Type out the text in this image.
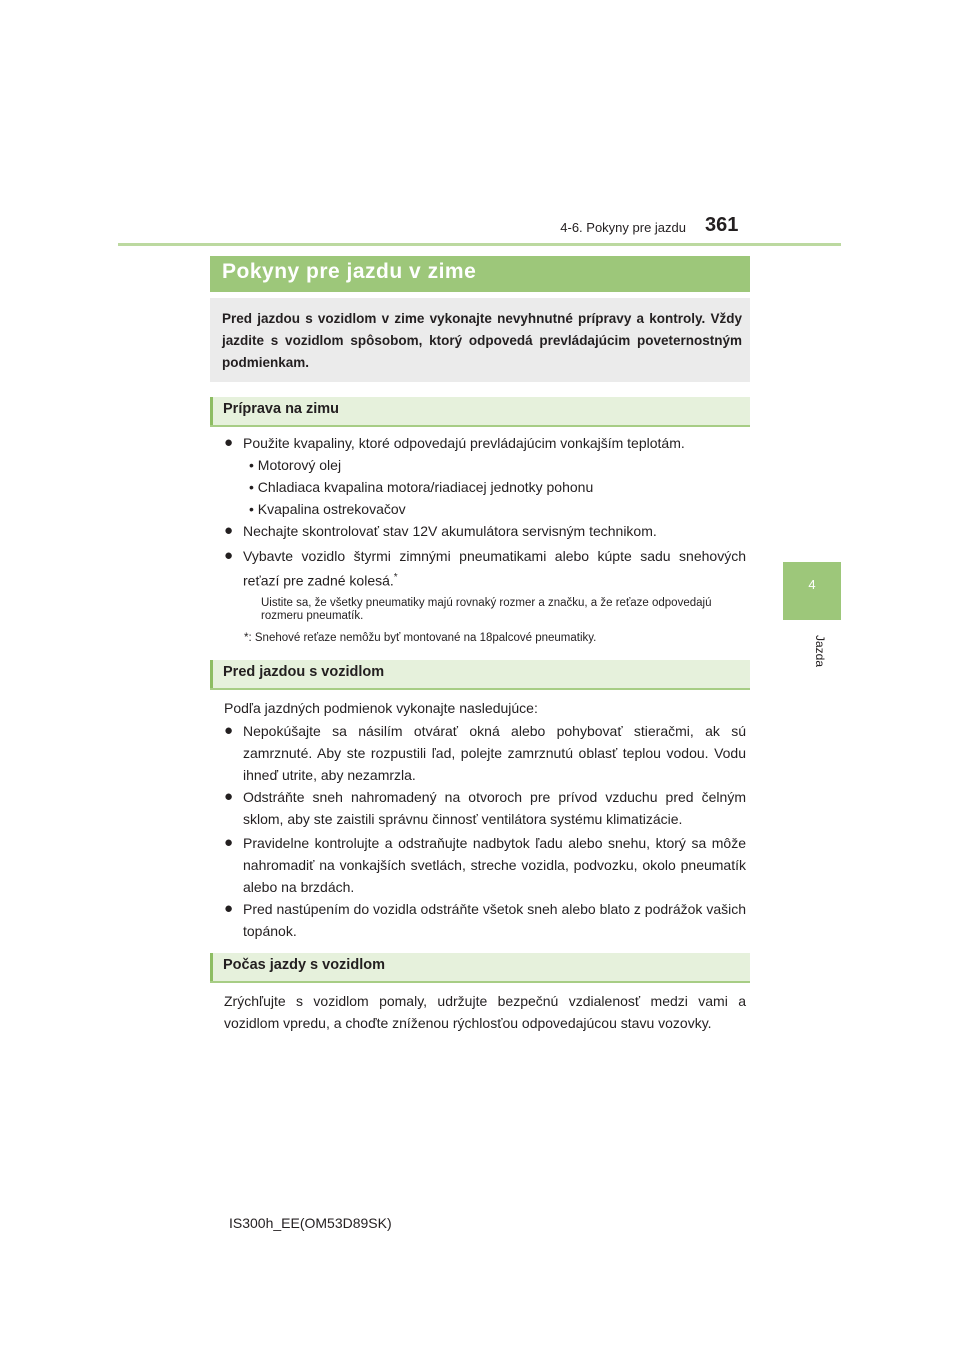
4-6. Pokyny pre jazdu 361
4
Jazda
Pokyny pre jazdu v zime

Pred jazdou s vozidlom v zime vykonajte nevyhnutné prípravy a kontroly. Vždy jazdite s vozidlom spôsobom, ktorý odpovedá prevládajúcim poveternostným podmienkam.

Príprava na zimu
● Použite kvapaliny, ktoré odpovedajú prevládajúcim vonkajším teplotám.
• Motorový olej
• Chladiaca kvapalina motora/riadiacej jednotky pohonu
• Kvapalina ostrekovačov
● Nechajte skontrolovať stav 12V akumulátora servisným technikom.
● Vybavte vozidlo štyrmi zimnými pneumatikami alebo kúpte sadu snehových reťazí pre zadné kolesá.*
Uistite sa, že všetky pneumatiky majú rovnaký rozmer a značku, a že reťaze odpovedajú rozmeru pneumatík.
*: Snehové reťaze nemôžu byť montované na 18palcové pneumatiky.
Pred jazdou s vozidlom
Podľa jazdných podmienok vykonajte nasledujúce:
● Nepokúšajte sa násilím otvárať okná alebo pohybovať stieračmi, ak sú zamrznuté. Aby ste rozpustili ľad, polejte zamrznutú oblasť teplou vodou. Vodu ihneď utrite, aby nezamrzla.
● Odstráňte sneh nahromadený na otvoroch pre prívod vzduchu pred čelným sklom, aby ste zaistili správnu činnosť ventilátora systému klimatizácie.
● Pravidelne kontrolujte a odstraňujte nadbytok ľadu alebo snehu, ktorý sa môže nahromadiť na vonkajších svetlách, streche vozidla, podvozku, okolo pneumatík alebo na brzdách.
● Pred nastúpením do vozidla odstráňte všetok sneh alebo blato z podrážok vašich topánok.
Počas jazdy s vozidlom
Zrýchľujte s vozidlom pomaly, udržujte bezpečnú vzdialenosť medzi vami a vozidlom vpredu, a choďte zníženou rýchlosťou odpovedajúcou stavu vozovky.
IS300h_EE(OM53D89SK)
